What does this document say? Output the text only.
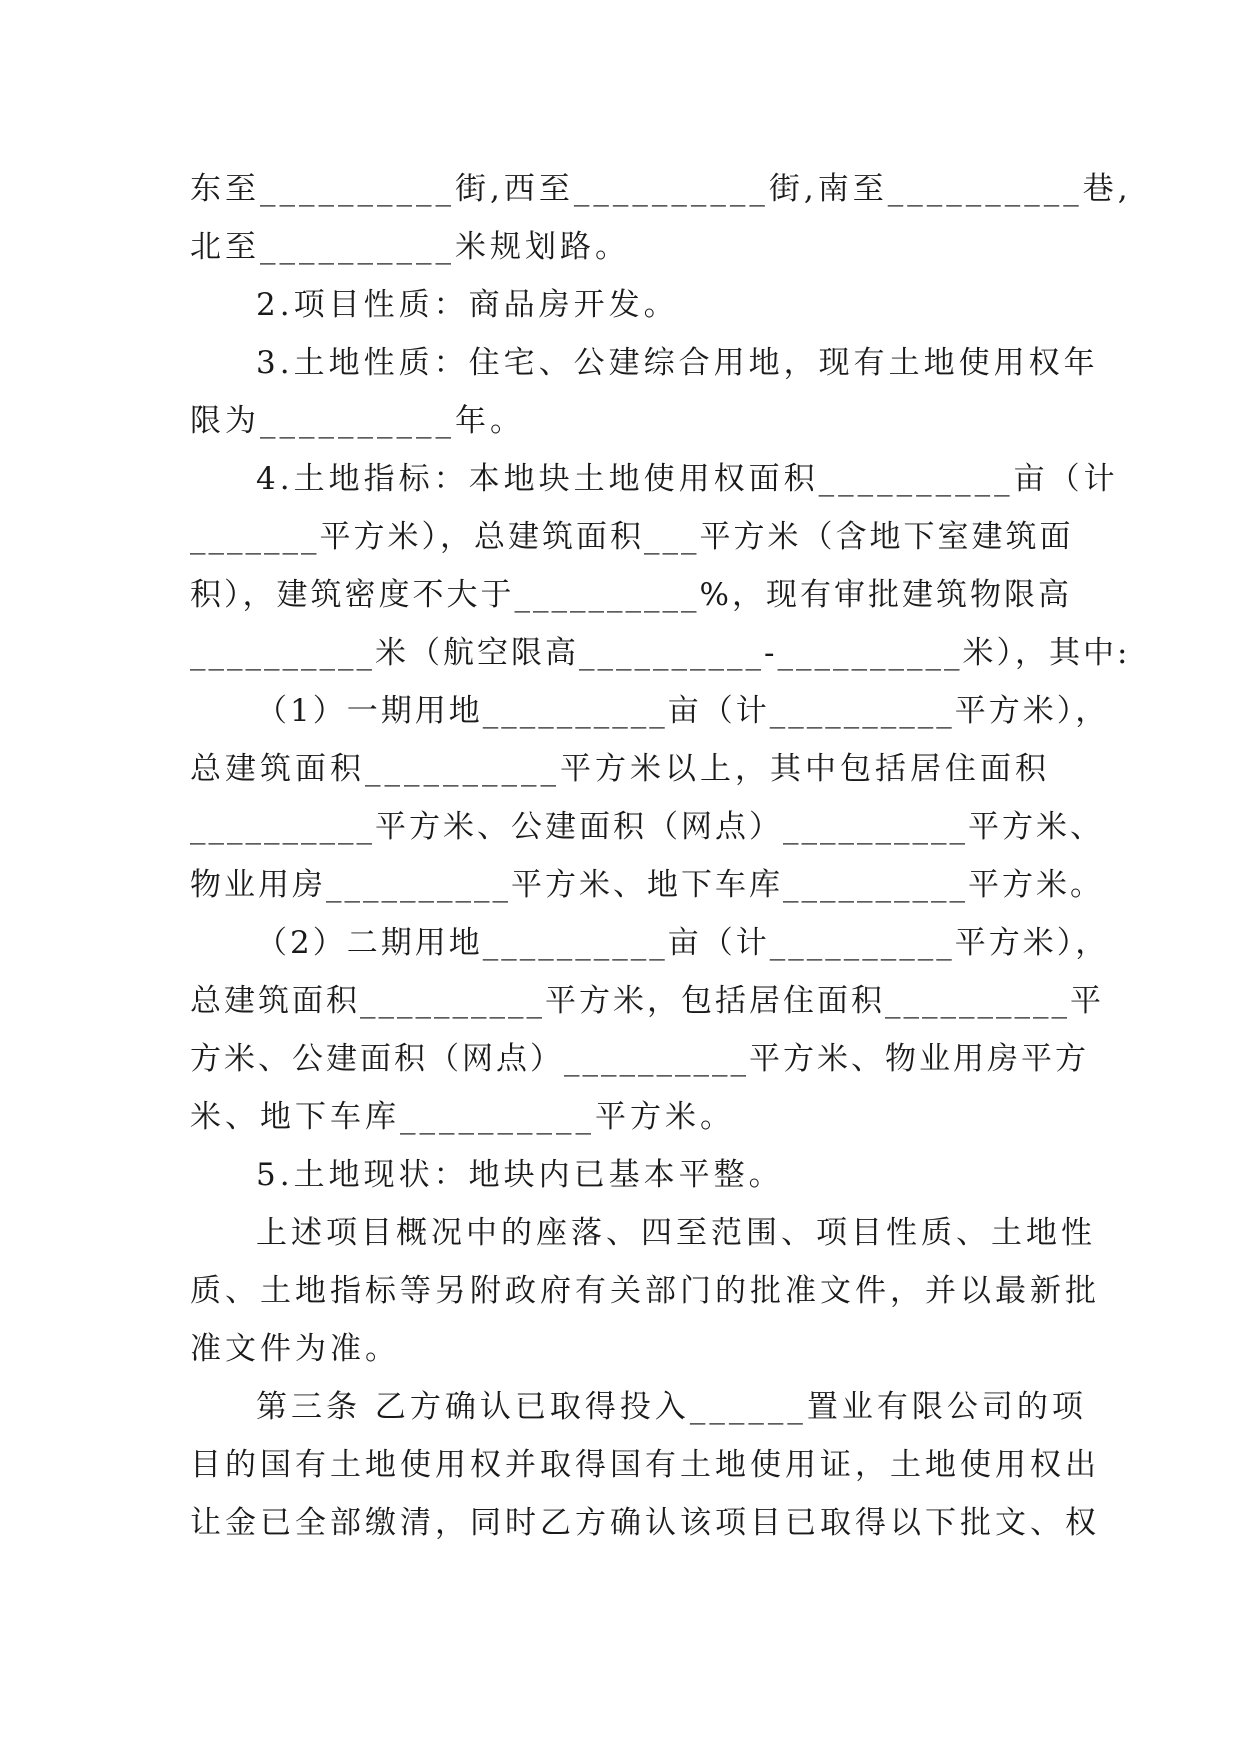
东至__________街,西至__________街,南至__________巷,
北至__________米规划路。
2.项目性质：商品房开发。
3.土地性质：住宅、公建综合用地，现有土地使用权年
限为__________年。
4.土地指标：本地块土地使用权面积__________亩（计
_______平方米），总建筑面积___平方米（含地下室建筑面
积），建筑密度不大于__________%，现有审批建筑物限高
__________米（航空限高__________-__________米），其中:
（1）一期用地__________亩（计__________平方米），
总建筑面积__________平方米以上，其中包括居住面积
__________平方米、公建面积（网点）__________平方米、
物业用房__________平方米、地下车库__________平方米。
（2）二期用地__________亩（计__________平方米），
总建筑面积__________平方米，包括居住面积__________平
方米、公建面积（网点）__________平方米、物业用房平方
米、地下车库__________平方米。
5.土地现状：地块内已基本平整。
上述项目概况中的座落、四至范围、项目性质、土地性
质、土地指标等另附政府有关部门的批准文件，并以最新批
准文件为准。
第三条 乙方确认已取得投入______置业有限公司的项
目的国有土地使用权并取得国有土地使用证，土地使用权出
让金已全部缴清，同时乙方确认该项目已取得以下批文、权
